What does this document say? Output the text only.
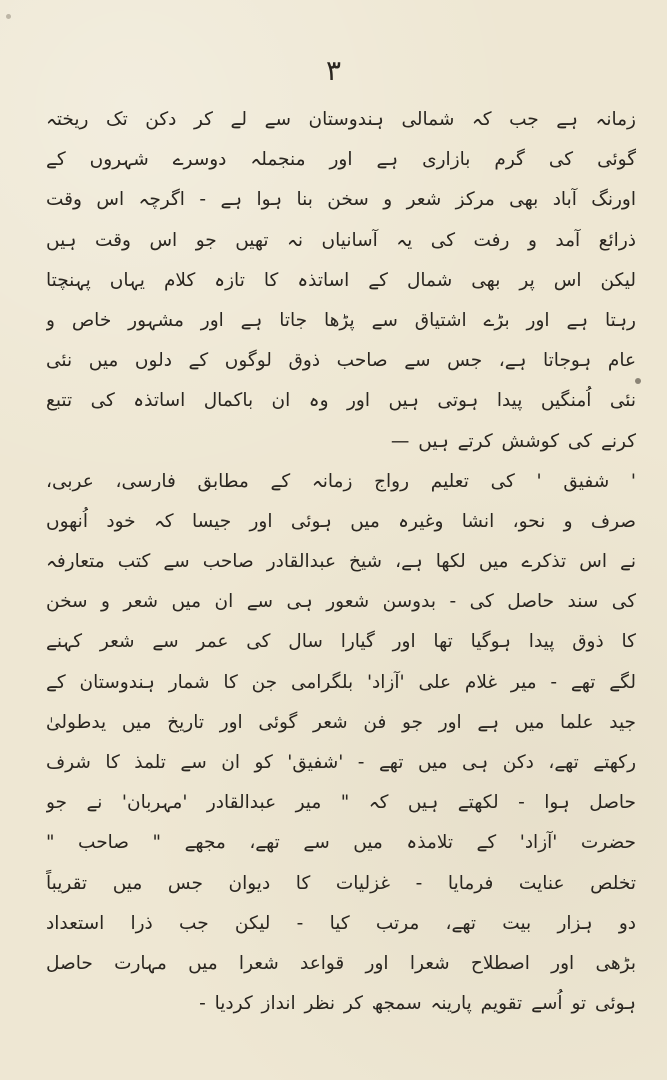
۳
زمانہ ہے جب کہ شمالی ہندوستان سے لے کر دکن تک ریختہ
گوئی کی گرم بازاری ہے اور منجملہ دوسرے شہروں کے
اورنگ آباد بھی مرکز شعر و سخن بنا ہوا ہے - اگرچہ اس وقت
ذرائع آمد و رفت کی یہ آسانیاں نہ تھیں جو اس وقت ہیں
لیکن اس پر بھی شمال کے اساتذہ کا تازہ کلام یہاں پہنچتا
رہتا ہے اور بڑے اشتیاق سے پڑھا جاتا ہے اور مشہور خاص و
عام ہوجاتا ہے، جس سے صاحب ذوق لوگوں کے دلوں میں نئی
نئی اُمنگیں پیدا ہوتی ہیں اور وہ ان باکمال اساتذہ کی تتبع
کرنے کی کوشش کرتے ہیں —
' شفیق ' کی تعلیم رواج زمانہ کے مطابق فارسی، عربی،
صرف و نحو، انشا وغیرہ میں ہوئی اور جیسا کہ خود اُنھوں
نے اس تذکرے میں لکھا ہے، شیخ عبدالقادر صاحب سے کتب متعارفہ
کی سند حاصل کی - بدوسن شعور ہی سے ان میں شعر و سخن
کا ذوق پیدا ہوگیا تھا اور گیارا سال کی عمر سے شعر کہنے
لگے تھے - میر غلام علی 'آزاد' بلگرامی جن کا شمار ہندوستان کے
جید علما میں ہے اور جو فن شعر گوئی اور تاریخ میں یدطولیٰ
رکھتے تھے، دکن ہی میں تھے - 'شفیق' کو ان سے تلمذ کا شرف
حاصل ہوا - لکھتے ہیں کہ " میر عبدالقادر 'مہربان' نے جو
حضرت 'آزاد' کے تلامذہ میں سے تھے، مجھے " صاحب "
تخلص عنایت فرمایا - غزلیات کا دیوان جس میں تقریباً
دو ہزار بیت تھے، مرتب کیا - لیکن جب ذرا استعداد
بڑھی اور اصطلاح شعرا اور قواعد شعرا میں مہارت حاصل
ہوئی تو اُسے تقویم پارینہ سمجھ کر نظر انداز کردیا -
